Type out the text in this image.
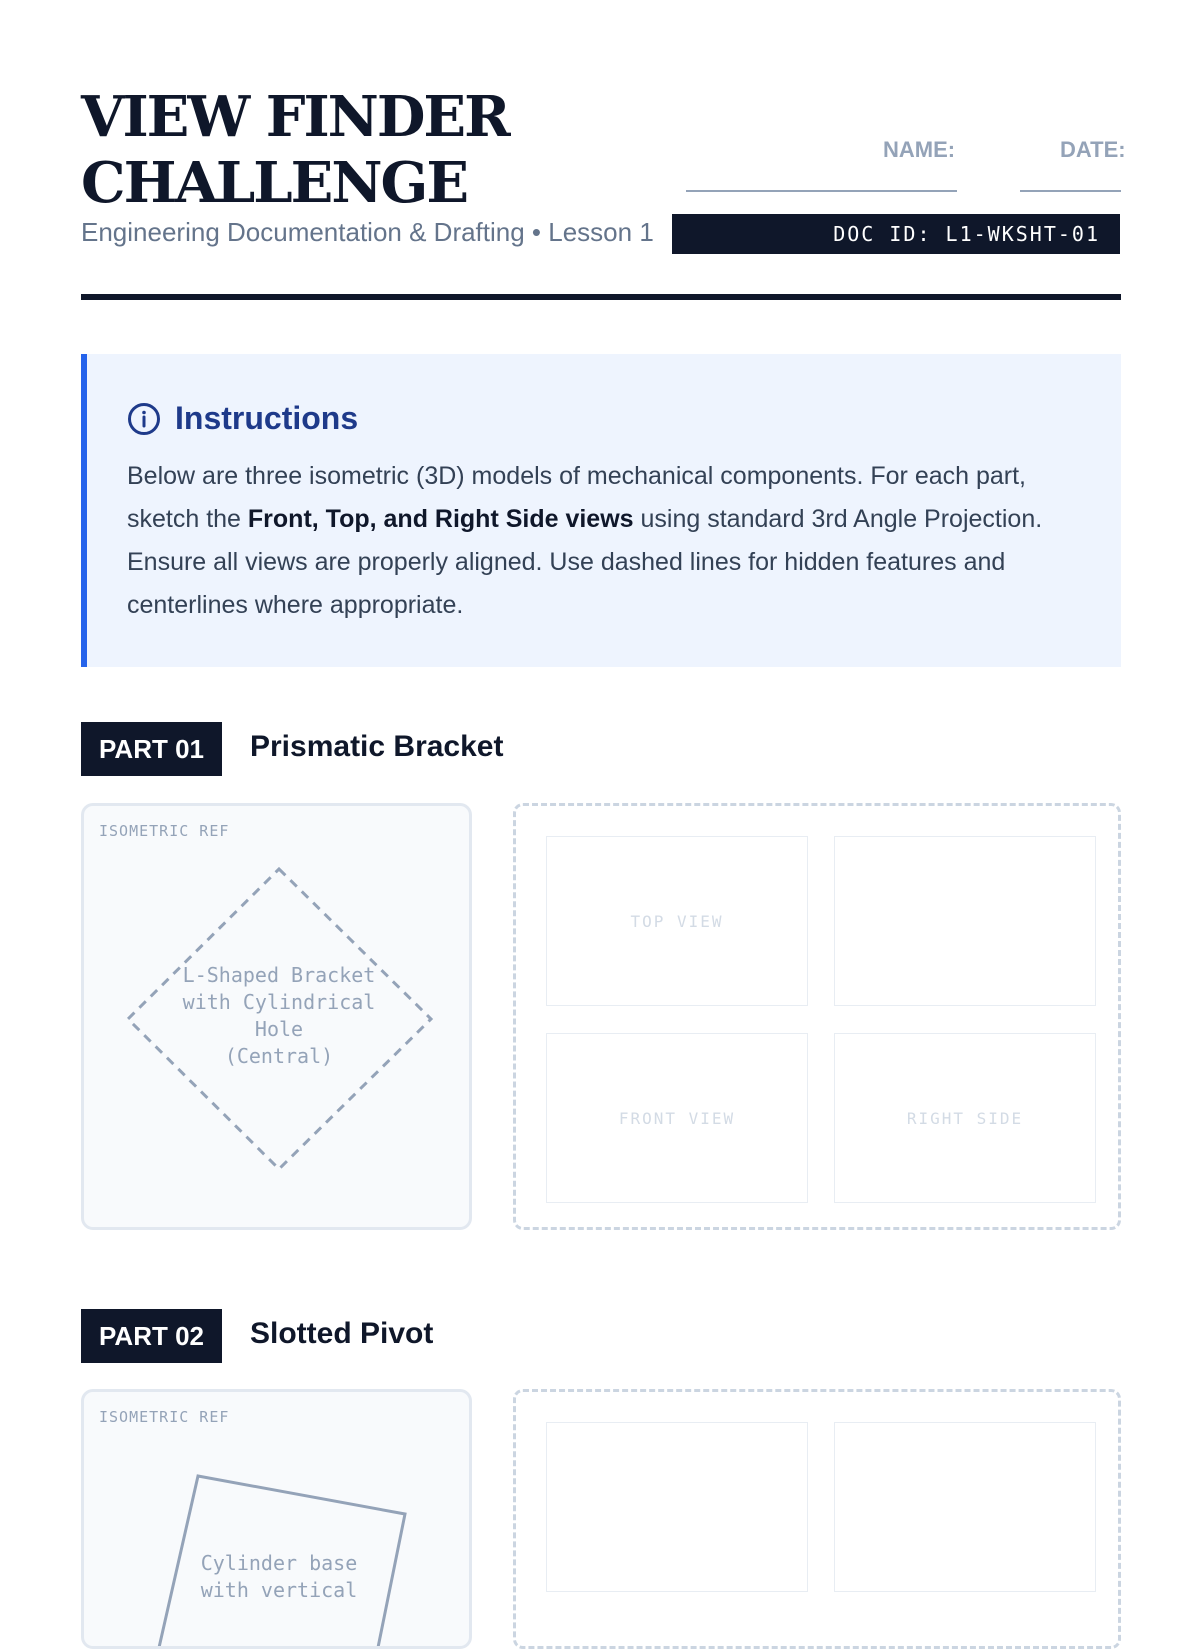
VIEW FINDER
CHALLENGE
Engineering Documentation & Drafting • Lesson 1
NAME:	DATE:
DOC ID: L1-WKSHT-01
Instructions
Below are three isometric (3D) models of mechanical components. For each part, sketch the Front, Top, and Right Side views using standard 3rd Angle Projection. Ensure all views are properly aligned. Use dashed lines for hidden features and centerlines where appropriate.
PART 01	Prismatic Bracket
ISOMETRIC REF
L-Shaped Bracket
with Cylindrical
Hole
(Central)
TOP VIEW
FRONT VIEW	RIGHT SIDE
PART 02	Slotted Pivot
ISOMETRIC REF
Cylinder base
with vertical
